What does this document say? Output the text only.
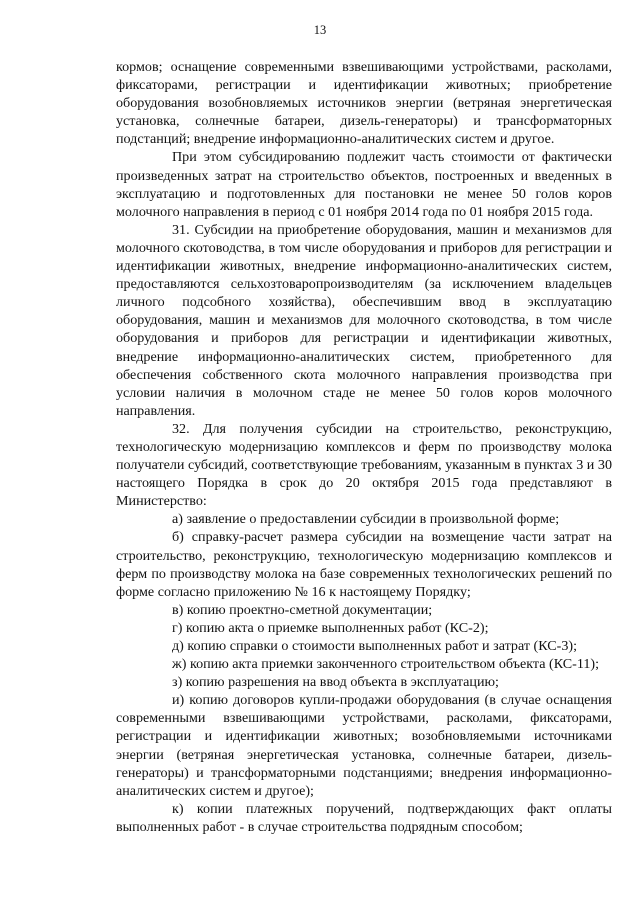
13

кормов; оснащение современными взвешивающими устройствами, расколами, фиксаторами, регистрации и идентификации животных; приобретение оборудования возобновляемых источников энергии (ветряная энергетическая установка, солнечные батареи, дизель-генераторы) и трансформаторных подстанций; внедрение информационно-аналитических систем и другое.

При этом субсидированию подлежит часть стоимости от фактически произведенных затрат на строительство объектов, построенных и введенных в эксплуатацию и подготовленных для постановки не менее 50 голов коров молочного направления в период с 01 ноября 2014 года по 01 ноября 2015 года.

31. Субсидии на приобретение оборудования, машин и механизмов для молочного скотоводства, в том числе оборудования и приборов для регистрации и идентификации животных, внедрение информационно-аналитических систем, предоставляются сельхозтоваропроизводителям (за исключением владельцев личного подсобного хозяйства), обеспечившим ввод в эксплуатацию оборудования, машин и механизмов для молочного скотоводства, в том числе оборудования и приборов для регистрации и идентификации животных, внедрение информационно-аналитических систем, приобретенного для обеспечения собственного скота молочного направления производства при условии наличия в молочном стаде не менее 50 голов коров молочного направления.

32. Для получения субсидии на строительство, реконструкцию, технологическую модернизацию комплексов и ферм по производству молока получатели субсидий, соответствующие требованиям, указанным в пунктах 3 и 30 настоящего Порядка в срок до 20 октября 2015 года представляют в Министерство:

а) заявление о предоставлении субсидии в произвольной форме;

б) справку-расчет размера субсидии на возмещение части затрат на строительство, реконструкцию, технологическую модернизацию комплексов и ферм по производству молока на базе современных технологических решений по форме согласно приложению № 16 к настоящему Порядку;

в) копию проектно-сметной документации;

г) копию акта о приемке выполненных работ (КС-2);

д) копию справки о стоимости выполненных работ и затрат (КС-3);

ж) копию акта приемки законченного строительством объекта (КС-11);

з) копию разрешения на ввод объекта в эксплуатацию;

и) копию договоров купли-продажи оборудования (в случае оснащения современными взвешивающими устройствами, расколами, фиксаторами, регистрации и идентификации животных; возобновляемыми источниками энергии (ветряная энергетическая установка, солнечные батареи, дизель-генераторы) и трансформаторными подстанциями; внедрения информационно-аналитических систем и другое);

к) копии платежных поручений, подтверждающих факт оплаты выполненных работ - в случае строительства подрядным способом;
